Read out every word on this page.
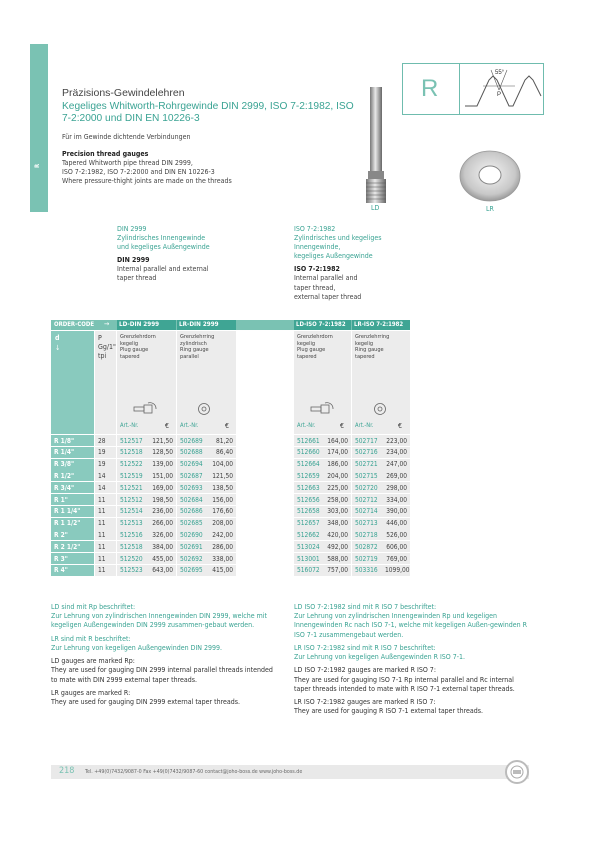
R
Präzisions-Gewindelehren
Kegeliges Whitworth-Rohrgewinde DIN 2999, ISO 7-2:1982, ISO 7-2:2000 und DIN EN 10226-3
Für im Gewinde dichtende Verbindungen
Precision thread gauges
Tapered Whitworth pipe thread DIN 2999,
ISO 7-2:1982, ISO 7-2:2000 and DIN EN 10226-3
Where pressure-thight joints are made on the threads
R
55°
P
LD	LR
DIN 2999
Zylindrisches Innengewinde
und kegeliges Außengewinde
DIN 2999
Internal parallel and external
taper thread
ISO 7-2:1982
Zylindrisches und kegeliges
Innengewinde,
kegeliges Außengewinde
ISO 7-2:1982
Internal parallel and
taper thread,
external taper thread
ORDER-CODE →	LD-DIN 2999	LR-DIN 2999	LD-ISO 7-2:1982	LR-ISO 7-2:1982
d
↓
P
Gg/1"
tpi
Grenzlehrdorn
kegelig
Plug gauge
tapered
Grenzlehrring
zylindrisch
Ring gauge
parallel
Grenzlehrdorn
kegelig
Plug gauge
tapered
Grenzlehrring
kegelig
Ring gauge
tapered
Art.-Nr.	€ Art.-Nr.	€	Art.-Nr.	€ Art.-Nr.	€
R 1/8"	28	512517	121,50	502689	81,20	512661	164,00	502717	223,00
R 1/4"	19	512518	128,50	502688	86,40	512660	174,00	502716	234,00
R 3/8"	19	512522	139,00	502694	104,00	512664	186,00	502721	247,00
R 1/2"	14	512519	151,00	502687	121,50	512659	204,00	502715	269,00
R 3/4"	14	512521	169,00	502693	138,50	512663	225,00	502720	298,00
R 1"	11	512512	198,50	502684	156,00	512656	258,00	502712	334,00
R 1 1/4"	11	512514	236,00	502686	176,60	512658	303,00	502714	390,00
R 1 1/2"	11	512513	266,00	502685	208,00	512657	348,00	502713	446,00
R 2"	11	512516	326,00	502690	242,00	512662	420,00	502718	526,00
R 2 1/2"	11	512518	384,00	502691	286,00	513024	492,00	502872	606,00
R 3"	11	512520	455,00	502692	338,00	513001	588,00	502719	769,00
R 4"	11	512523	643,00	502695	415,00	516072	757,00	503316	1099,00
LD sind mit Rp beschriftet:
Zur Lehrung von zylindrischen Innengewinden DIN 2999, welche mit kegeligen Außengewinden DIN 2999 zusammen-gebaut werden.
LR sind mit R beschriftet:
Zur Lehrung von kegeligen Außengewinden DIN 2999.
LD gauges are marked Rp:
They are used for gauging DIN 2999 internal parallel threads intended to mate with DIN 2999 external taper threads.
LR gauges are marked R:
They are used for gauging DIN 2999 external taper threads.
LD ISO 7-2:1982 sind mit R ISO 7 beschriftet:
Zur Lehrung von zylindrischen Innengewinden Rp und kegeligen Innengewinden Rc nach ISO 7-1, welche mit kegeligen Außen-gewinden R ISO 7-1 zusammengebaut werden.
LR ISO 7-2:1982 sind mit R ISO 7 beschriftet:
Zur Lehrung von kegeligen Außengewinden R ISO 7-1.
LD ISO 7-2:1982 gauges are marked R ISO 7:
They are used for gauging ISO 7-1 Rp internal parallel and Rc internal taper threads intended to mate with R ISO 7-1 external taper threads.
LR ISO 7-2:1982 gauges are marked R ISO 7:
They are used for gauging R ISO 7-1 external taper threads.
218 Tel. +49(0)7432/9087-0 Fax +49(0)7432/9087-60 contact@joho-boss.de www.joho-boss.de
